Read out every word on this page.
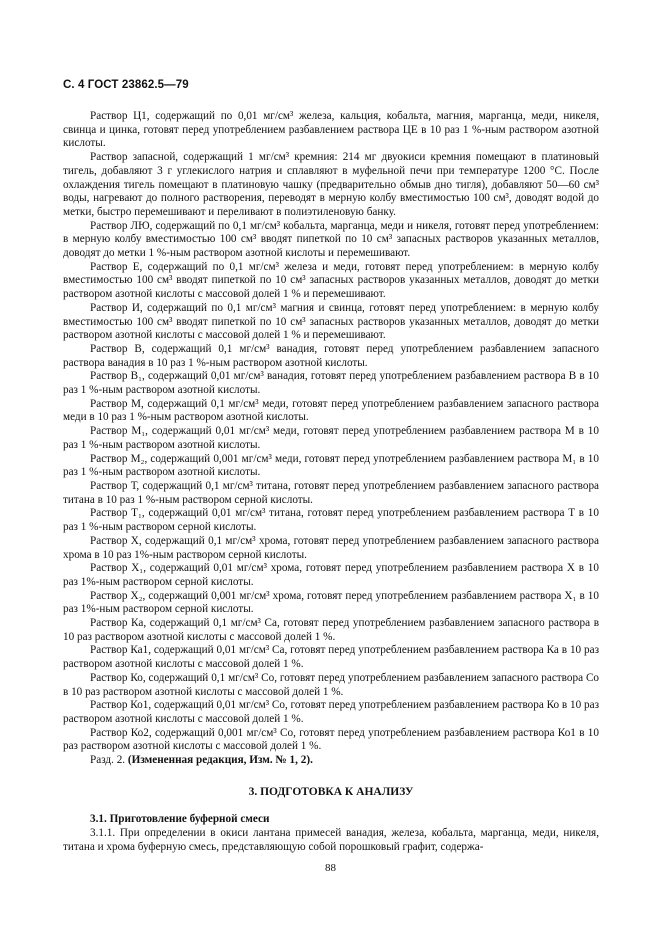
С. 4 ГОСТ 23862.5—79

Раствор Ц1, содержащий по 0,01 мг/см³ железа, кальция, кобальта, магния, марганца, меди, никеля, свинца и цинка, готовят перед употреблением разбавлением раствора ЦЕ в 10 раз 1 %-ным раствором азотной кислоты.

Раствор запасной, содержащий 1 мг/см³ кремния: 214 мг двуокиси кремния помещают в платиновый тигель, добавляют 3 г углекислого натрия и сплавляют в муфельной печи при температуре 1200 °С. После охлаждения тигель помещают в платиновую чашку (предварительно обмыв дно тигля), добавляют 50—60 см³ воды, нагревают до полного растворения, переводят в мерную колбу вместимостью 100 см³, доводят водой до метки, быстро перемешивают и переливают в полиэтиленовую банку.

Раствор ЛЮ, содержащий по 0,1 мг/см³ кобальта, марганца, меди и никеля, готовят перед употреблением: в мерную колбу вместимостью 100 см³ вводят пипеткой по 10 см³ запасных растворов указанных металлов, доводят до метки 1 %-ным раствором азотной кислоты и перемешивают.

Раствор Е, содержащий по 0,1 мг/см³ железа и меди, готовят перед употреблением: в мерную колбу вместимостью 100 см³ вводят пипеткой по 10 см³ запасных растворов указанных металлов, доводят до метки раствором азотной кислоты с массовой долей 1 % и перемешивают.

Раствор И, содержащий по 0,1 мг/см³ магния и свинца, готовят перед употреблением: в мерную колбу вместимостью 100 см³ вводят пипеткой по 10 см³ запасных растворов указанных металлов, доводят до метки раствором азотной кислоты с массовой долей 1 % и перемешивают.

Раствор В, содержащий 0,1 мг/см³ ванадия, готовят перед употреблением разбавлением запасного раствора ванадия в 10 раз 1 %-ным раствором азотной кислоты.

Раствор В₁, содержащий 0,01 мг/см³ ванадия, готовят перед употреблением разбавлением раствора В в 10 раз 1 %-ным раствором азотной кислоты.

Раствор М, содержащий 0,1 мг/см³ меди, готовят перед употреблением разбавлением запасного раствора меди в 10 раз 1 %-ным раствором азотной кислоты.

Раствор М₁, содержащий 0,01 мг/см³ меди, готовят перед употреблением разбавлением раствора М в 10 раз 1 %-ным раствором азотной кислоты.

Раствор М₂, содержащий 0,001 мг/см³ меди, готовят перед употреблением разбавлением раствора М₁ в 10 раз 1 %-ным раствором азотной кислоты.

Раствор Т, содержащий 0,1 мг/см³ титана, готовят перед употреблением разбавлением запасного раствора титана в 10 раз 1 %-ным раствором серной кислоты.

Раствор Т₁, содержащий 0,01 мг/см³ титана, готовят перед употреблением разбавлением раствора Т в 10 раз 1 %-ным раствором серной кислоты.

Раствор Х, содержащий 0,1 мг/см³ хрома, готовят перед употреблением разбавлением запасного раствора хрома в 10 раз 1%-ным раствором серной кислоты.

Раствор Х₁, содержащий 0,01 мг/см³ хрома, готовят перед употреблением разбавлением раствора Х в 10 раз 1%-ным раствором серной кислоты.

Раствор Х₂, содержащий 0,001 мг/см³ хрома, готовят перед употреблением разбавлением раствора Х₁ в 10 раз 1%-ным раствором серной кислоты.

Раствор Ка, содержащий 0,1 мг/см³ Са, готовят перед употреблением разбавлением запасного раствора в 10 раз раствором азотной кислоты с массовой долей 1 %.

Раствор Ка1, содержащий 0,01 мг/см³ Са, готовят перед употреблением разбавлением раствора Ка в 10 раз раствором азотной кислоты с массовой долей 1 %.

Раствор Ко, содержащий 0,1 мг/см³ Со, готовят перед употреблением разбавлением запасного раствора Со в 10 раз раствором азотной кислоты с массовой долей 1 %.

Раствор Ко1, содержащий 0,01 мг/см³ Со, готовят перед употреблением разбавлением раствора Ко в 10 раз раствором азотной кислоты с массовой долей 1 %.

Раствор Ко2, содержащий 0,001 мг/см³ Со, готовят перед употреблением разбавлением раствора Ко1 в 10 раз раствором азотной кислоты с массовой долей 1 %.

Разд. 2. (Измененная редакция, Изм. № 1, 2).

3. ПОДГОТОВКА К АНАЛИЗУ

3.1. Приготовление буферной смеси

3.1.1. При определении в окиси лантана примесей ванадия, железа, кобальта, марганца, меди, никеля, титана и хрома буферную смесь, представляющую собой порошковый графит, содержа-

88
